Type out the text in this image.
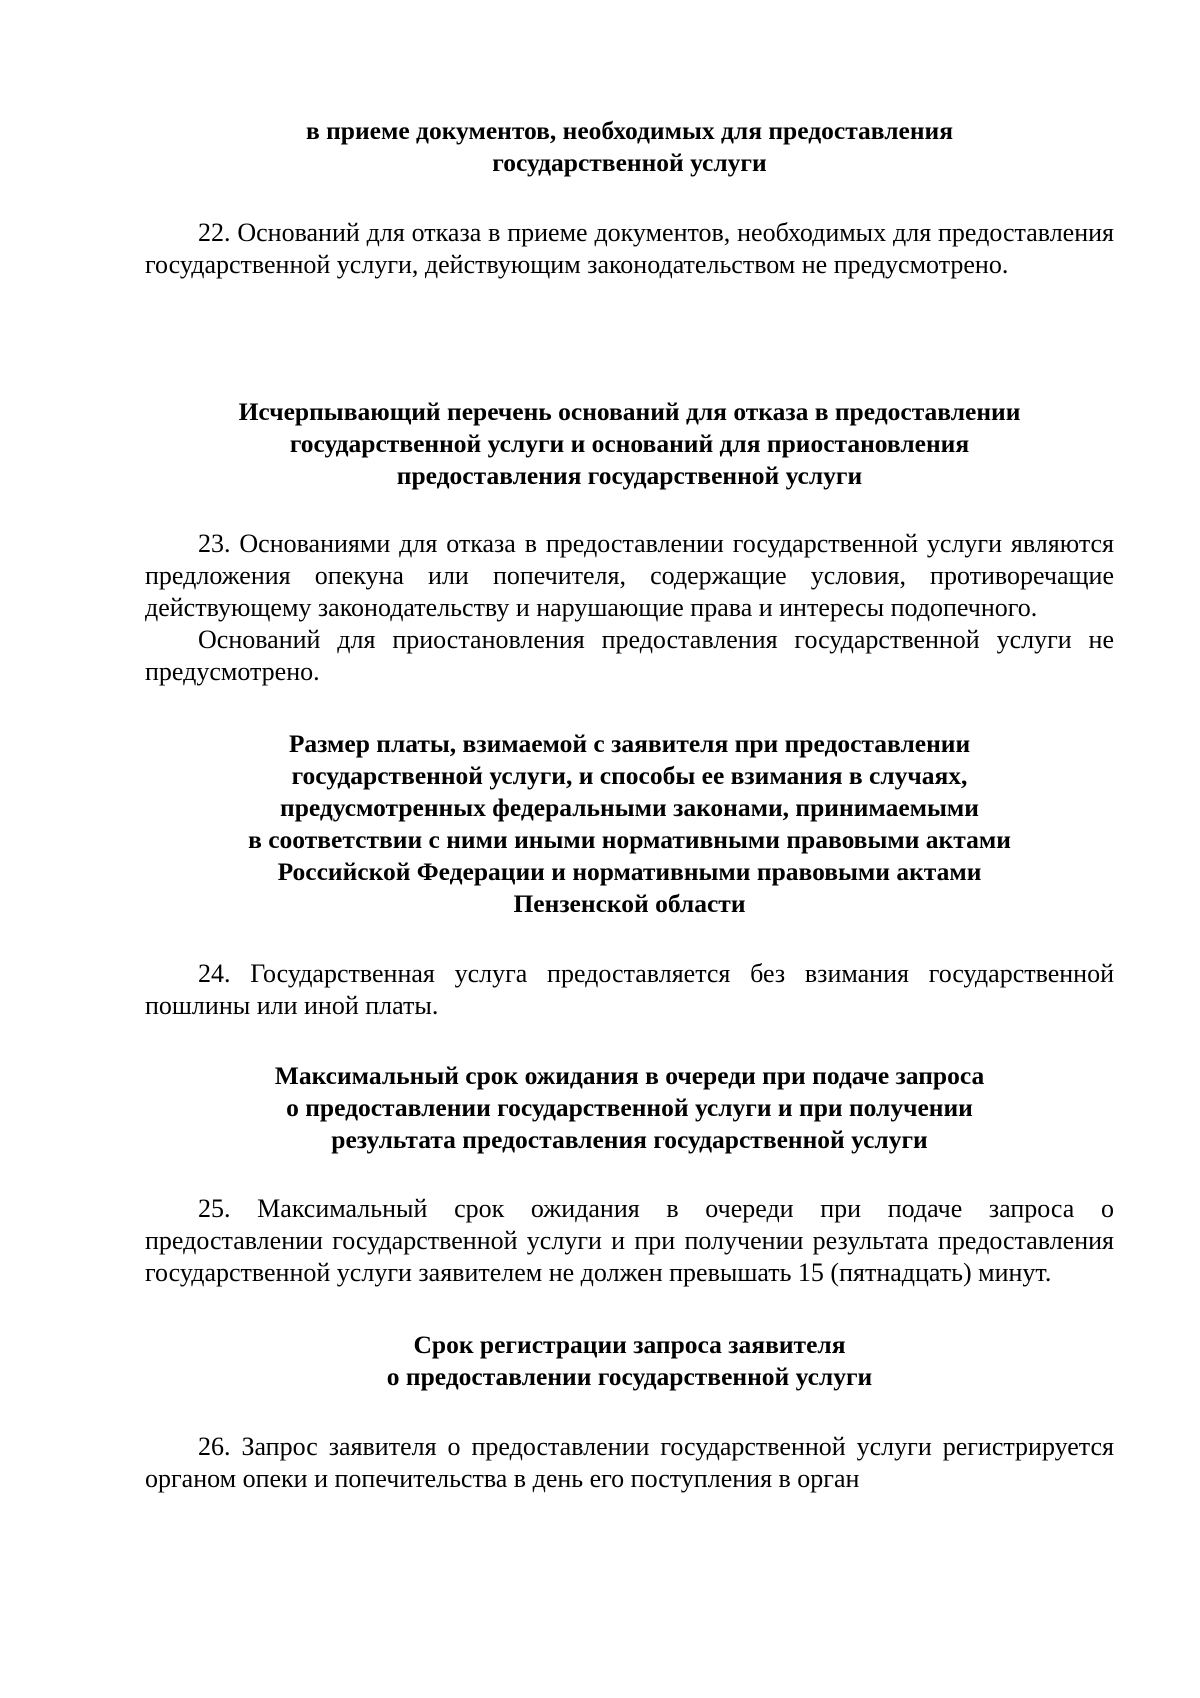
в приеме документов, необходимых для предоставления
государственной услуги

22. Оснований для отказа в приеме документов, необходимых для предоставления государственной услуги, действующим законодательством не предусмотрено.

Исчерпывающий перечень оснований для отказа в предоставлении
государственной услуги и оснований для приостановления
предоставления государственной услуги

23. Основаниями для отказа в предоставлении государственной услуги являются предложения опекуна или попечителя, содержащие условия, противоречащие действующему законодательству и нарушающие права и интересы подопечного.

Оснований для приостановления предоставления государственной услуги не предусмотрено.

Размер платы, взимаемой с заявителя при предоставлении
государственной услуги, и способы ее взимания в случаях,
предусмотренных федеральными законами, принимаемыми
в соответствии с ними иными нормативными правовыми актами
Российской Федерации и нормативными правовыми актами
Пензенской области

24. Государственная услуга предоставляется без взимания государственной пошлины или иной платы.

Максимальный срок ожидания в очереди при подаче запроса
о предоставлении государственной услуги и при получении
результата предоставления государственной услуги

25. Максимальный срок ожидания в очереди при подаче запроса о предоставлении государственной услуги и при получении результата предоставления государственной услуги заявителем не должен превышать 15 (пятнадцать) минут.

Срок регистрации запроса заявителя
о предоставлении государственной услуги

26. Запрос заявителя о предоставлении государственной услуги регистрируется органом опеки и попечительства в день его поступления в орган
